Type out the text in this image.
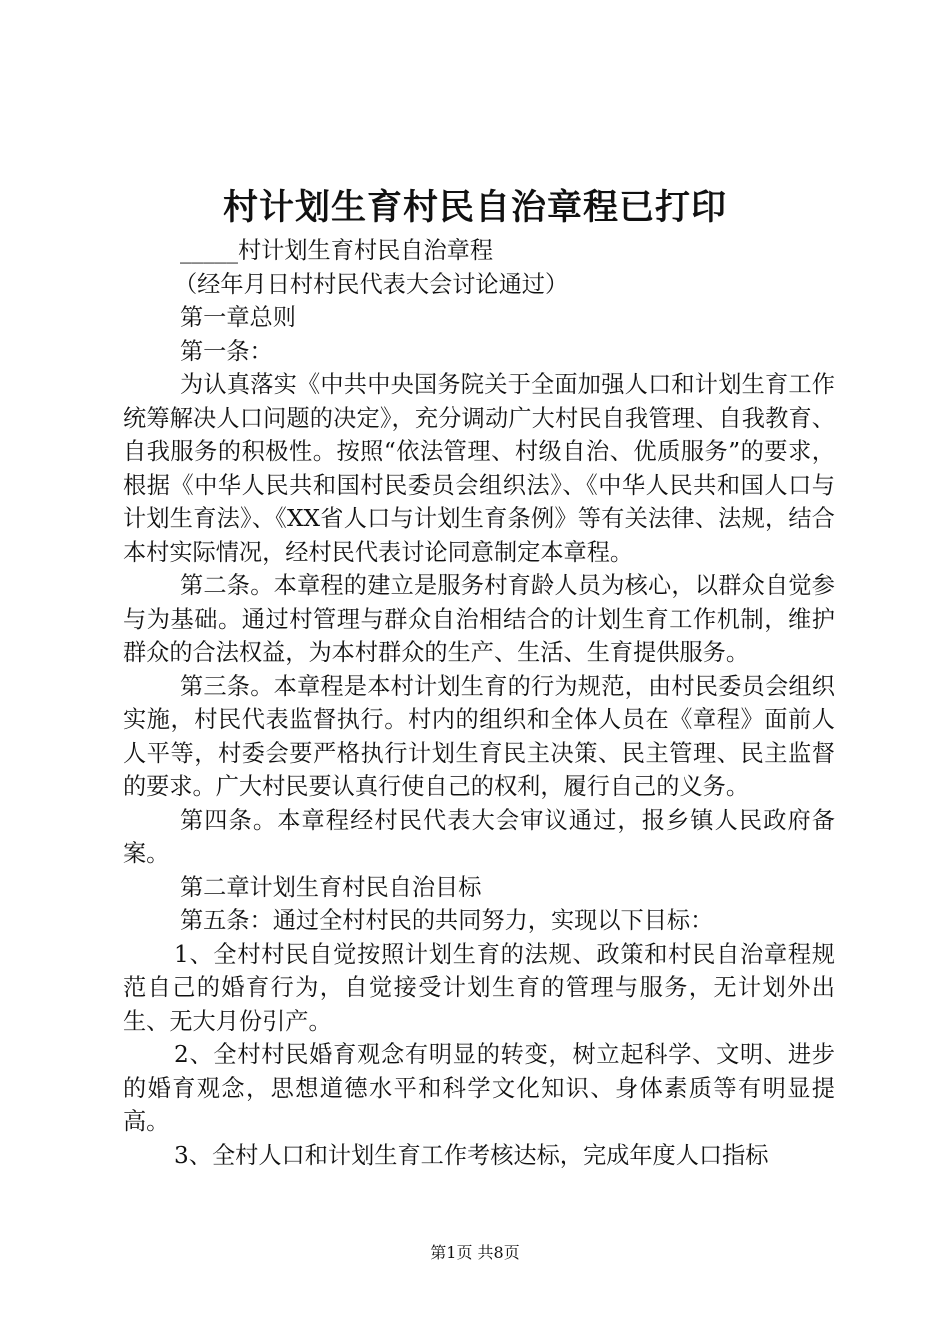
村计划生育村民自治章程已打印

_____村计划生育村民自治章程

（经年月日村村民代表大会讨论通过）

第一章总则

第一条：

为认真落实《中共中央国务院关于全面加强人口和计划生育工作统筹解决人口问题的决定》，充分调动广大村民自我管理、自我教育、自我服务的积极性。按照“依法管理、村级自治、优质服务”的要求，根据《中华人民共和国村民委员会组织法》、《中华人民共和国人口与计划生育法》、《XX省人口与计划生育条例》等有关法律、法规，结合本村实际情况，经村民代表讨论同意制定本章程。

第二条。本章程的建立是服务村育龄人员为核心，以群众自觉参与为基础。通过村管理与群众自治相结合的计划生育工作机制，维护群众的合法权益，为本村群众的生产、生活、生育提供服务。

第三条。本章程是本村计划生育的行为规范，由村民委员会组织实施，村民代表监督执行。村内的组织和全体人员在《章程》面前人人平等，村委会要严格执行计划生育民主决策、民主管理、民主监督的要求。广大村民要认真行使自己的权利，履行自己的义务。

第四条。本章程经村民代表大会审议通过，报乡镇人民政府备案。

第二章计划生育村民自治目标

第五条：通过全村村民的共同努力，实现以下目标：

1、全村村民自觉按照计划生育的法规、政策和村民自治章程规范自己的婚育行为，自觉接受计划生育的管理与服务，无计划外出生、无大月份引产。

2、全村村民婚育观念有明显的转变，树立起科学、文明、进步的婚育观念，思想道德水平和科学文化知识、身体素质等有明显提高。

3、全村人口和计划生育工作考核达标，完成年度人口指标

第1页 共8页
